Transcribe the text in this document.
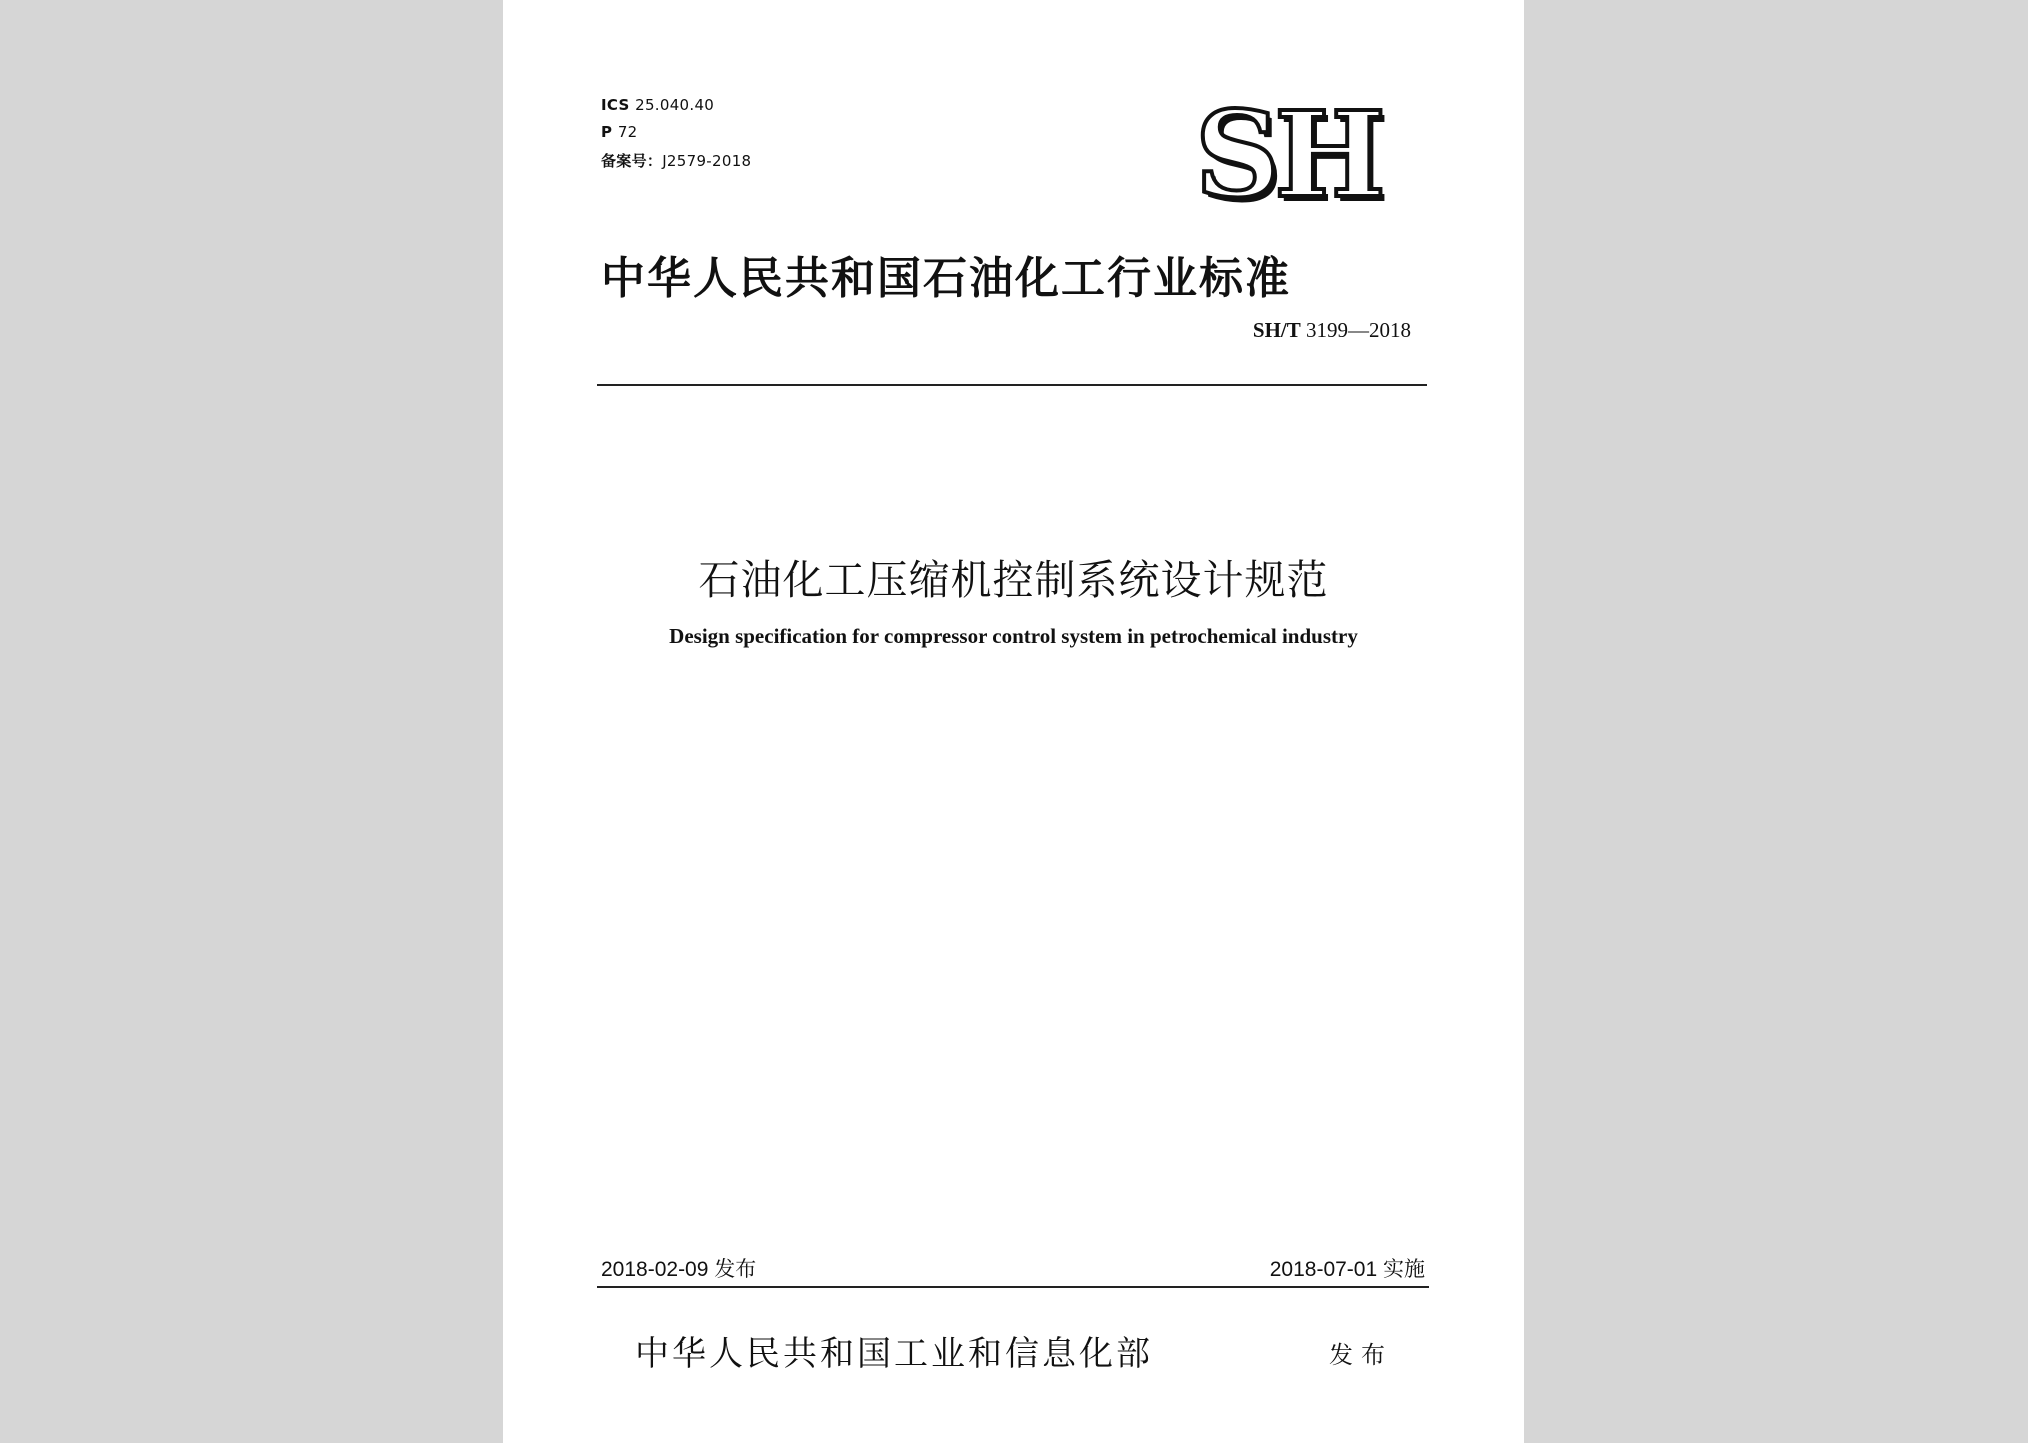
ICS 25.040.40
P 72
备案号：J2579-2018	SH
中华人民共和国石油化工行业标准
SH/T 3199—2018
石油化工压缩机控制系统设计规范
Design specification for compressor control system in petrochemical industry
2018-02-09 发布	2018-07-01 实施
中华人民共和国工业和信息化部	发布
